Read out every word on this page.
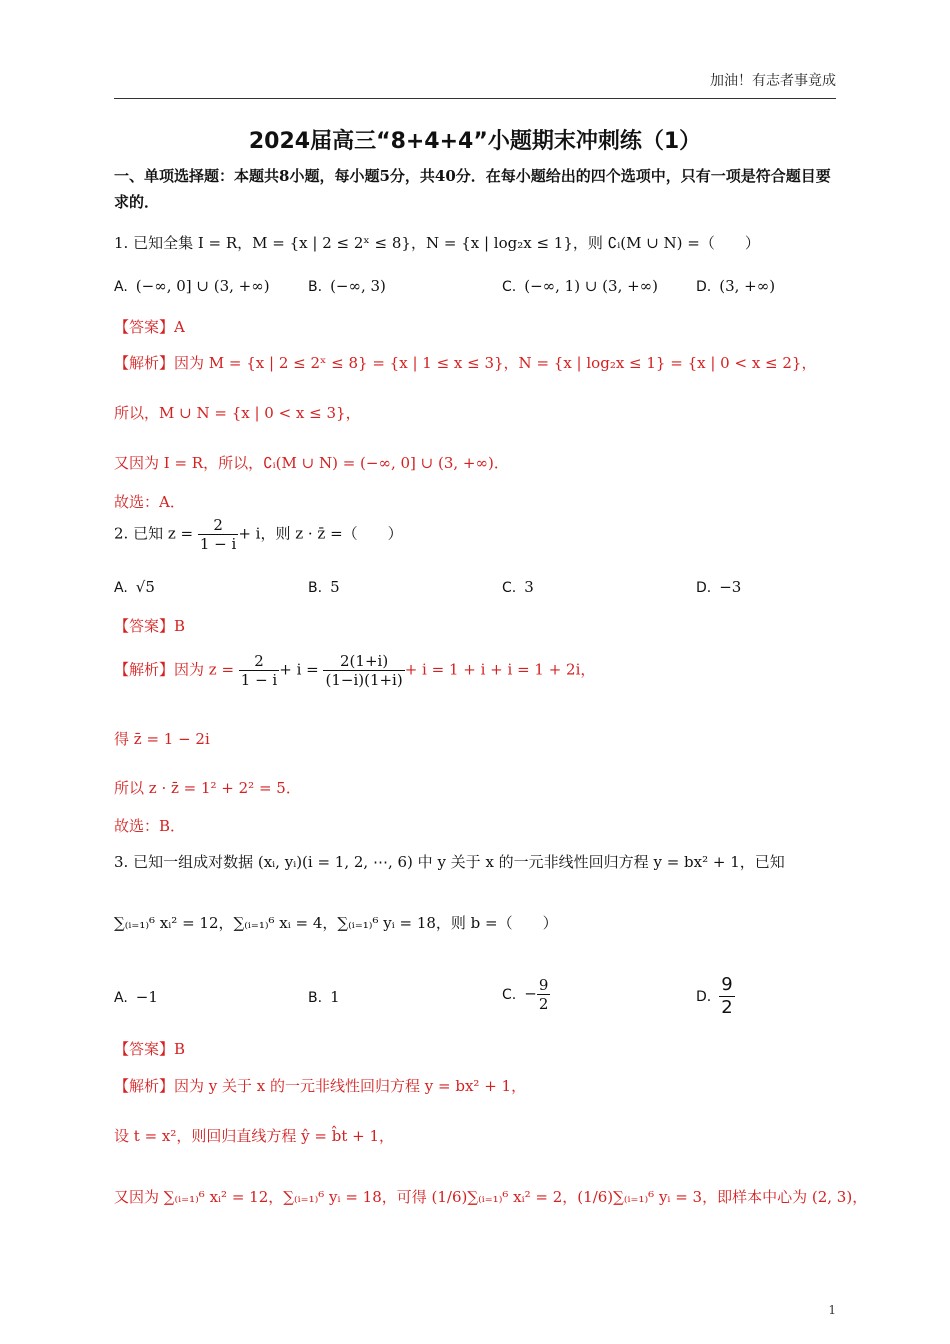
加油！有志者事竟成
2024届高三“8+4+4”小题期末冲刺练（1）
一、单项选择题：本题共8小题，每小题5分，共40分．在每小题给出的四个选项中，只有一项是符合题目要求的．
1. 已知全集 I = R，M = {x | 2 ≤ 2ˣ ≤ 8}，N = {x | log₂x ≤ 1}，则 ∁ᵢ(M ∪ N) =（　　）
A. (−∞, 0] ∪ (3, +∞)	B. (−∞, 3)	C. (−∞, 1) ∪ (3, +∞)	D. (3, +∞)
【答案】A
【解析】因为 M = {x | 2 ≤ 2ˣ ≤ 8} = {x | 1 ≤ x ≤ 3}，N = {x | log₂x ≤ 1} = {x | 0 < x ≤ 2}，
所以，M ∪ N = {x | 0 < x ≤ 3}，
又因为 I = R，所以，∁ᵢ(M ∪ N) = (−∞, 0] ∪ (3, +∞)．
故选：A．
2. 已知 $z = \frac{2}{1 - i} + i$，则 z · z̄ =（　　）
A. √5	B. 5	C. 3	D. −3
【答案】B
【解析】因为 $z = \frac{2}{1 - i} + i = \frac{2(1+i)}{(1-i)(1+i)} + i = 1 + i + i = 1 + 2i$，
得 z̄ = 1 − 2i
所以 z · z̄ = 1² + 2² = 5．
故选：B．
3. 已知一组成对数据 (xᵢ, yᵢ)(i = 1, 2, ⋯, 6) 中 y 关于 x 的一元非线性回归方程 y = bx² + 1，已知
∑₍ᵢ₌₁₎⁶ xᵢ² = 12，∑₍ᵢ₌₁₎⁶ xᵢ = 4，∑₍ᵢ₌₁₎⁶ yᵢ = 18，则 b =（　　）
A. −1	B. 1	C. − $\frac{9}{2}$	D. $\frac{9}{2}$
【答案】B
【解析】因为 y 关于 x 的一元非线性回归方程 y = bx² + 1，
设 t = x²，则回归直线方程 ŷ = b̂t + 1，
又因为 ∑₍ᵢ₌₁₎⁶ xᵢ² = 12，∑₍ᵢ₌₁₎⁶ yᵢ = 18，可得 (1/6)∑₍ᵢ₌₁₎⁶ xᵢ² = 2，(1/6)∑₍ᵢ₌₁₎⁶ yᵢ = 3，即样本中心为 (2, 3)，
1
